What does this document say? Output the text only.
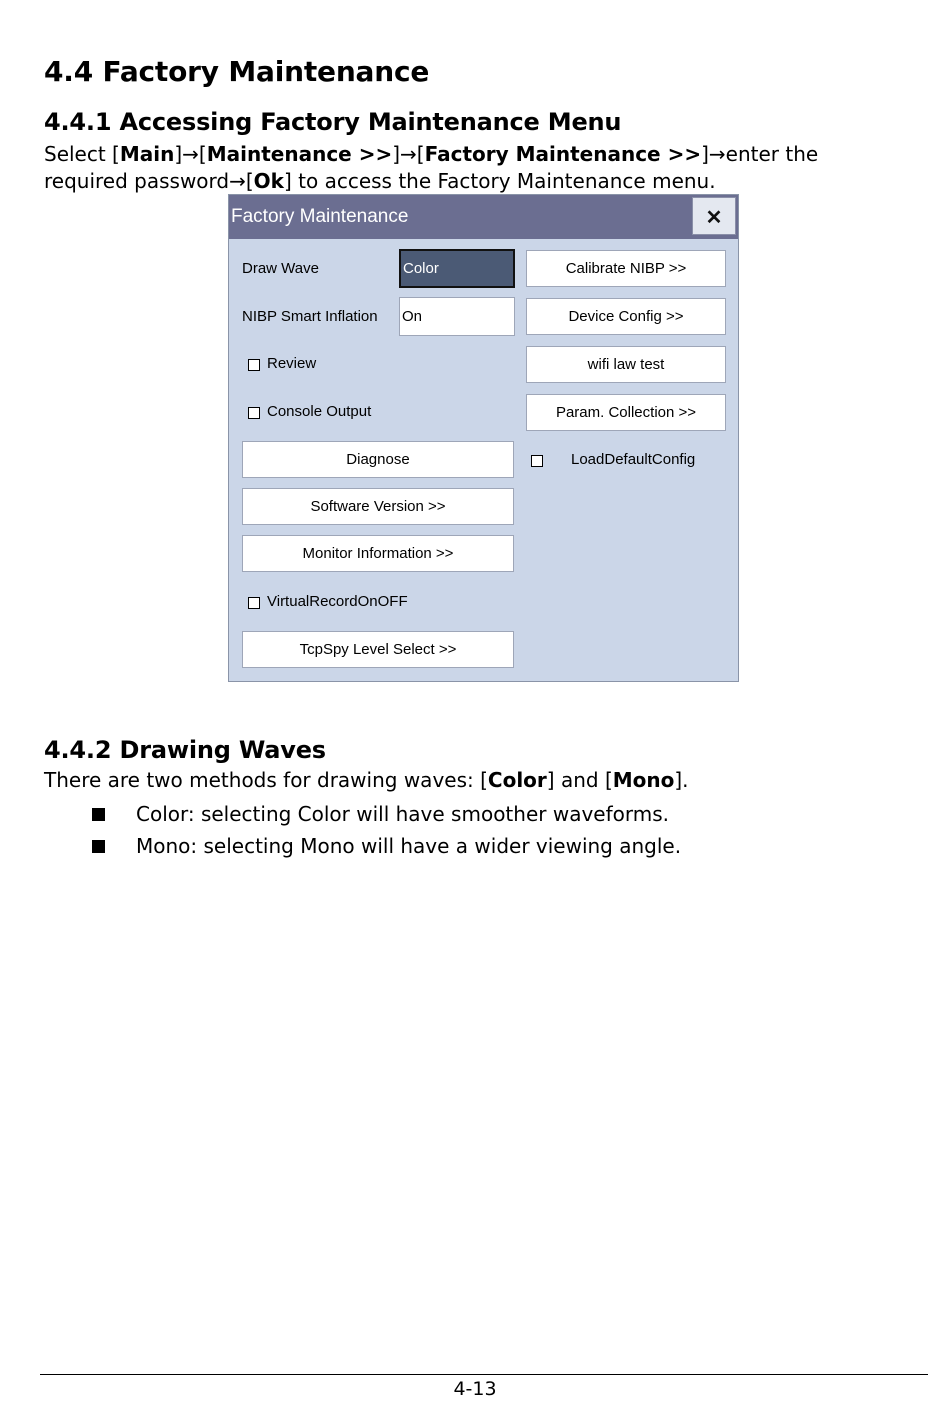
4.4 Factory Maintenance
4.4.1 Accessing Factory Maintenance Menu
Select [Main]→[Maintenance >>]→[Factory Maintenance >>]→enter the required password→[Ok] to access the Factory Maintenance menu.
Factory Maintenance	✕
Draw Wave	Color
NIBP Smart Inflation On
Review
Console Output
Diagnose
Software Version >>
Monitor Information >>
VirtualRecordOnOFF
TcpSpy Level Select >>
Calibrate NIBP >>
Device Config >>
wifi law test
Param. Collection >>
LoadDefaultConfig
4.4.2 Drawing Waves
There are two methods for drawing waves: [Color] and [Mono].
Color: selecting Color will have smoother waveforms.
Mono: selecting Mono will have a wider viewing angle.
4-13
